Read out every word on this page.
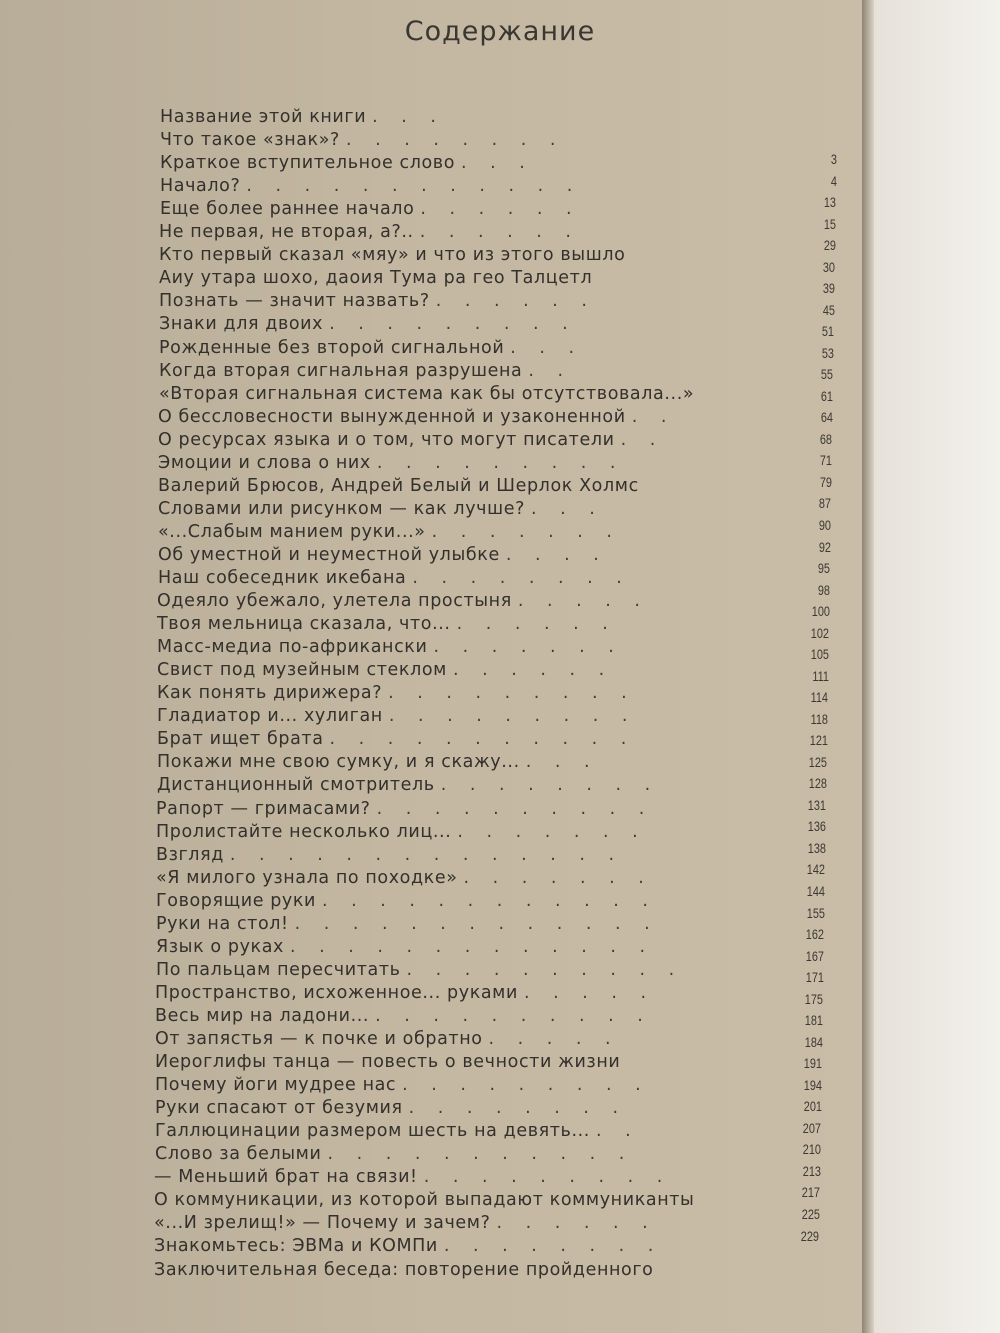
Содержание
Название этой книги . . .
Что такое «знак»? . . . . . . . .
Краткое вступительное слово . . .
Начало? . . . . . . . . . . . .
Еще более раннее начало . . . . . .
Не первая, не вторая, а?.. . . . . . .
Кто первый сказал «мяу» и что из этого вышло
Аиу утара шохо, даоия Тума ра гео Талцетл
Познать — значит назвать? . . . . . .
Знаки для двоих . . . . . . . . .
Рожденные без второй сигнальной . . .
Когда вторая сигнальная разрушена . .
«Вторая сигнальная система как бы отсутствовала...»
О бессловесности вынужденной и узаконенной . .
О ресурсах языка и о том, что могут писатели . .
Эмоции и слова о них . . . . . . . . .
Валерий Брюсов, Андрей Белый и Шерлок Холмс
Словами или рисунком — как лучше? . . .
«...Слабым манием руки...» . . . . . . .
Об уместной и неуместной улыбке . . . .
Наш собеседник икебана . . . . . . . .
Одеяло убежало, улетела простыня . . . . .
Твоя мельница сказала, что... . . . . . .
Масс-медиа по-африкански . . . . . . .
Свист под музейным стеклом . . . . . .
Как понять дирижера? . . . . . . . . .
Гладиатор и... хулиган . . . . . . . . .
Брат ищет брата . . . . . . . . . . .
Покажи мне свою сумку, и я скажу... . . .
Дистанционный смотритель . . . . . . . .
Рапорт — гримасами? . . . . . . . . . .
Пролистайте несколько лиц... . . . . . . .
Взгляд . . . . . . . . . . . . . .
«Я милого узнала по походке» . . . . . . .
Говорящие руки . . . . . . . . . . . .
Руки на стол! . . . . . . . . . . . . .
Язык о руках . . . . . . . . . . . . .
По пальцам пересчитать . . . . . . . . . .
Пространство, исхоженное... руками . . . . .
Весь мир на ладони... . . . . . . . . . .
От запястья — к почке и обратно . . . . .
Иероглифы танца — повесть о вечности жизни
Почему йоги мудрее нас . . . . . . . . .
Руки спасают от безумия . . . . . . . .
Галлюцинации размером шесть на девять... . .
Слово за белыми . . . . . . . . . . .
— Меньший брат на связи! . . . . . . . . .
О коммуникации, из которой выпадают коммуниканты
«...И зрелищ!» — Почему и зачем? . . . . . .
Знакомьтесь: ЭВМа и КОМПи . . . . . . . .
Заключительная беседа: повторение пройденного
3
4
13
15
29
30
39
45
51
53
55
61
64
68
71
79
87
90
92
95
98
100
102
105
111
114
118
121
125
128
131
136
138
142
144
155
162
167
171
175
181
184
191
194
201
207
210
213
217
225
229
